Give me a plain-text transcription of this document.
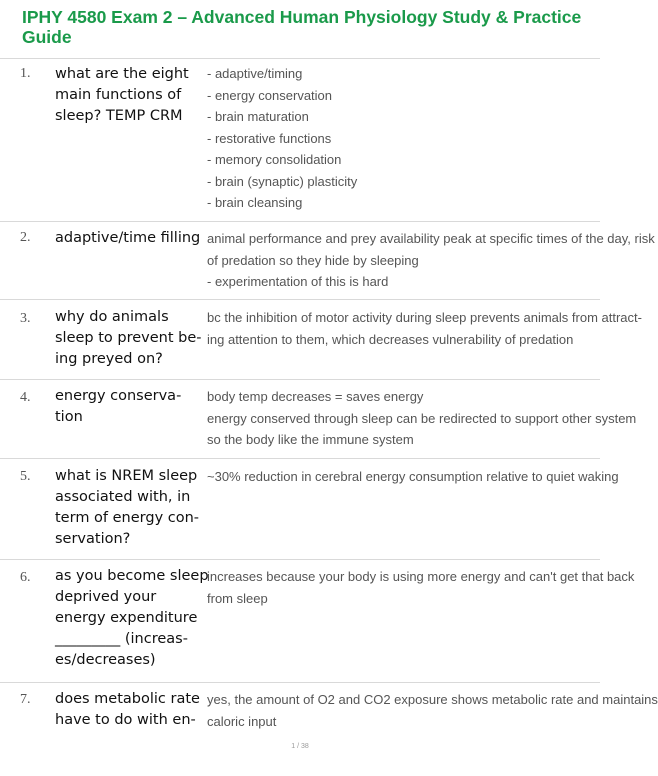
IPHY 4580 Exam 2 – Advanced Human Physiology Study & Practice Guide
1. what are the eight main functions of sleep? TEMP CRM
- adaptive/timing
- energy conservation
- brain maturation
- restorative functions
- memory consolidation
- brain (synaptic) plasticity
- brain cleansing
2. adaptive/time filling animal performance and prey availability peak at specific times of the day, risk
of predation so they hide by sleeping
- experimentation of this is hard
3. why do animals sleep to prevent be-ing preyed on?
bc the inhibition of motor activity during sleep prevents animals from attract-
ing attention to them, which decreases vulnerability of predation
4. energy conserva-tion
body temp decreases = saves energy
energy conserved through sleep can be redirected to support other system
so the body like the immune system
5. what is NREM sleep associated with, in term of energy con-servation?
~30% reduction in cerebral energy consumption relative to quiet waking
6. as you become sleep deprived your energy expenditure _________ (increas-es/decreases)
increases because your body is using more energy and can't get that back
from sleep
7. does metabolic rate have to do with en-
yes, the amount of O2 and CO2 exposure shows metabolic rate and maintains
caloric input
1 / 38
